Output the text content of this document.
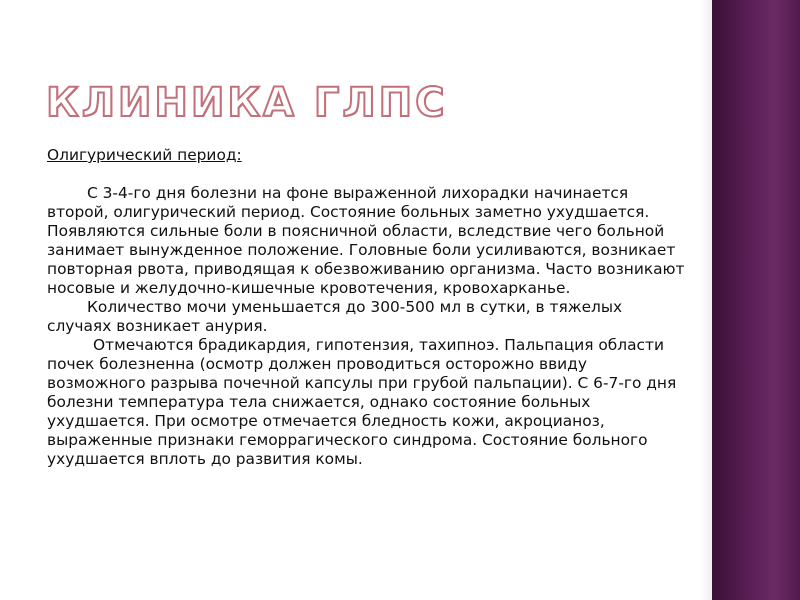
КЛИНИКА ГЛПС

Олигурический период:

С 3-4-го дня болезни на фоне выраженной лихорадки начинается второй, олигурический период. Состояние больных заметно ухудшается. Появляются сильные боли в поясничной области, вследствие чего больной занимает вынужденное положение. Головные боли усиливаются, возникает повторная рвота, приводящая к обезвоживанию организма. Часто возникают носовые и желудочно-кишечные кровотечения, кровохарканье.

Количество мочи уменьшается до 300-500 мл в сутки, в тяжелых случаях возникает анурия.

Отмечаются брадикардия, гипотензия, тахипноэ. Пальпация области почек болезненна (осмотр должен проводиться осторожно ввиду возможного разрыва почечной капсулы при грубой пальпации). С 6-7-го дня болезни температура тела снижается, однако состояние больных ухудшается. При осмотре отмечается бледность кожи, акроцианоз, выраженные признаки геморрагического синдрома. Состояние больного ухудшается вплоть до развития комы.
